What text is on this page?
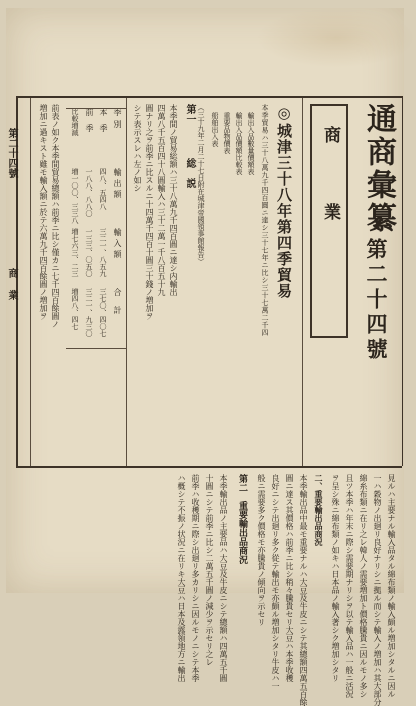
通商彙纂
第二十四號
商業
◎城津三十八年第四季貿易
本季貿易ハ三十八萬九千四百圓ニ達シ三十七年ニ比シ三十七萬二千四
輸出入品數量價額表
輸出入品價額比較表
重要品物價表
船舶出入表
（三十九年二月二十七日附在城津帝國領事館報告）
第一
総説
本季間ノ貿易総額ハ三十八萬九千四百圓ニ達シ内輸出
四萬八千五百四十八圓輸入ハ三十二萬一千八百五十九
圓ナリ之ヲ前季ニ比スルニ十四萬千四百十圓三十錢ノ増加ヲ
シテ表示スレハ左ノ如シ
季別
輸出額
輸入額
合計
本季
四八、五四八
三二一、八五九
三七〇、四〇七
前季
一八八、八八〇
一三三、〇五〇
三二一、九三〇
比較増減
増一〇〇、三三八
増七六三、二三
増四八、四七
前表ノ如ク本季間貿易總額ハ前季ニ比シ僅カニ七千四百餘圓ノ
増加ニ過キスト雖モ輸入額ニ於テ六萬九千四百餘圓ノ増加ヲ
見ルハ主要ナル輸入品タル綿布類ノ輸入頗ル増加シタルニ因ル
一ハ穀物ノ出廻リ良好ナリシニ拠ル而シテ輸入ノ増加ハ其大部分
綿糸布類ニ在リ之レ韓人ノ需要増加ト價格騰貴ニ因ルモノ多シ
且ツ本季ハ年末ニ際シ需要期ナリシヲ以テ輸入品ハ一般ニ活況
ヲ呈シ殊ニ綿布類ノ如キハ日本品ノ輸入著シク増加シタリ
二、重要輸出品商況
本季輸出品中最モ重要ナルハ大豆及牛皮ニシテ其總額四萬五百餘
圓ニ達ス其價格ハ前季ニ比シ稍々騰貴セリ大豆ハ本季收穫
良好ニシテ出廻リ多ク從テ輸出モ亦頗ル増加シタリ牛皮ハ一
般ニ需要多ク價格モ亦騰貴ノ傾向ヲ示セリ
第二　重要輸出品商況
本季輸出品ノ主要品ハ大豆及牛皮ニシテ總額ハ四萬五千圓
十圓ニシテ前季ニ比シ二萬五千圓ノ減少ヲ示セリ之レ
前季ハ收穫期ニ際シ出廻リ多カリシニ因ルモノニシテ本季
ハ概シテ不振ノ状況ニ在リキ大豆ハ日本及露領地方ニ輸出
第二十四號
商業
